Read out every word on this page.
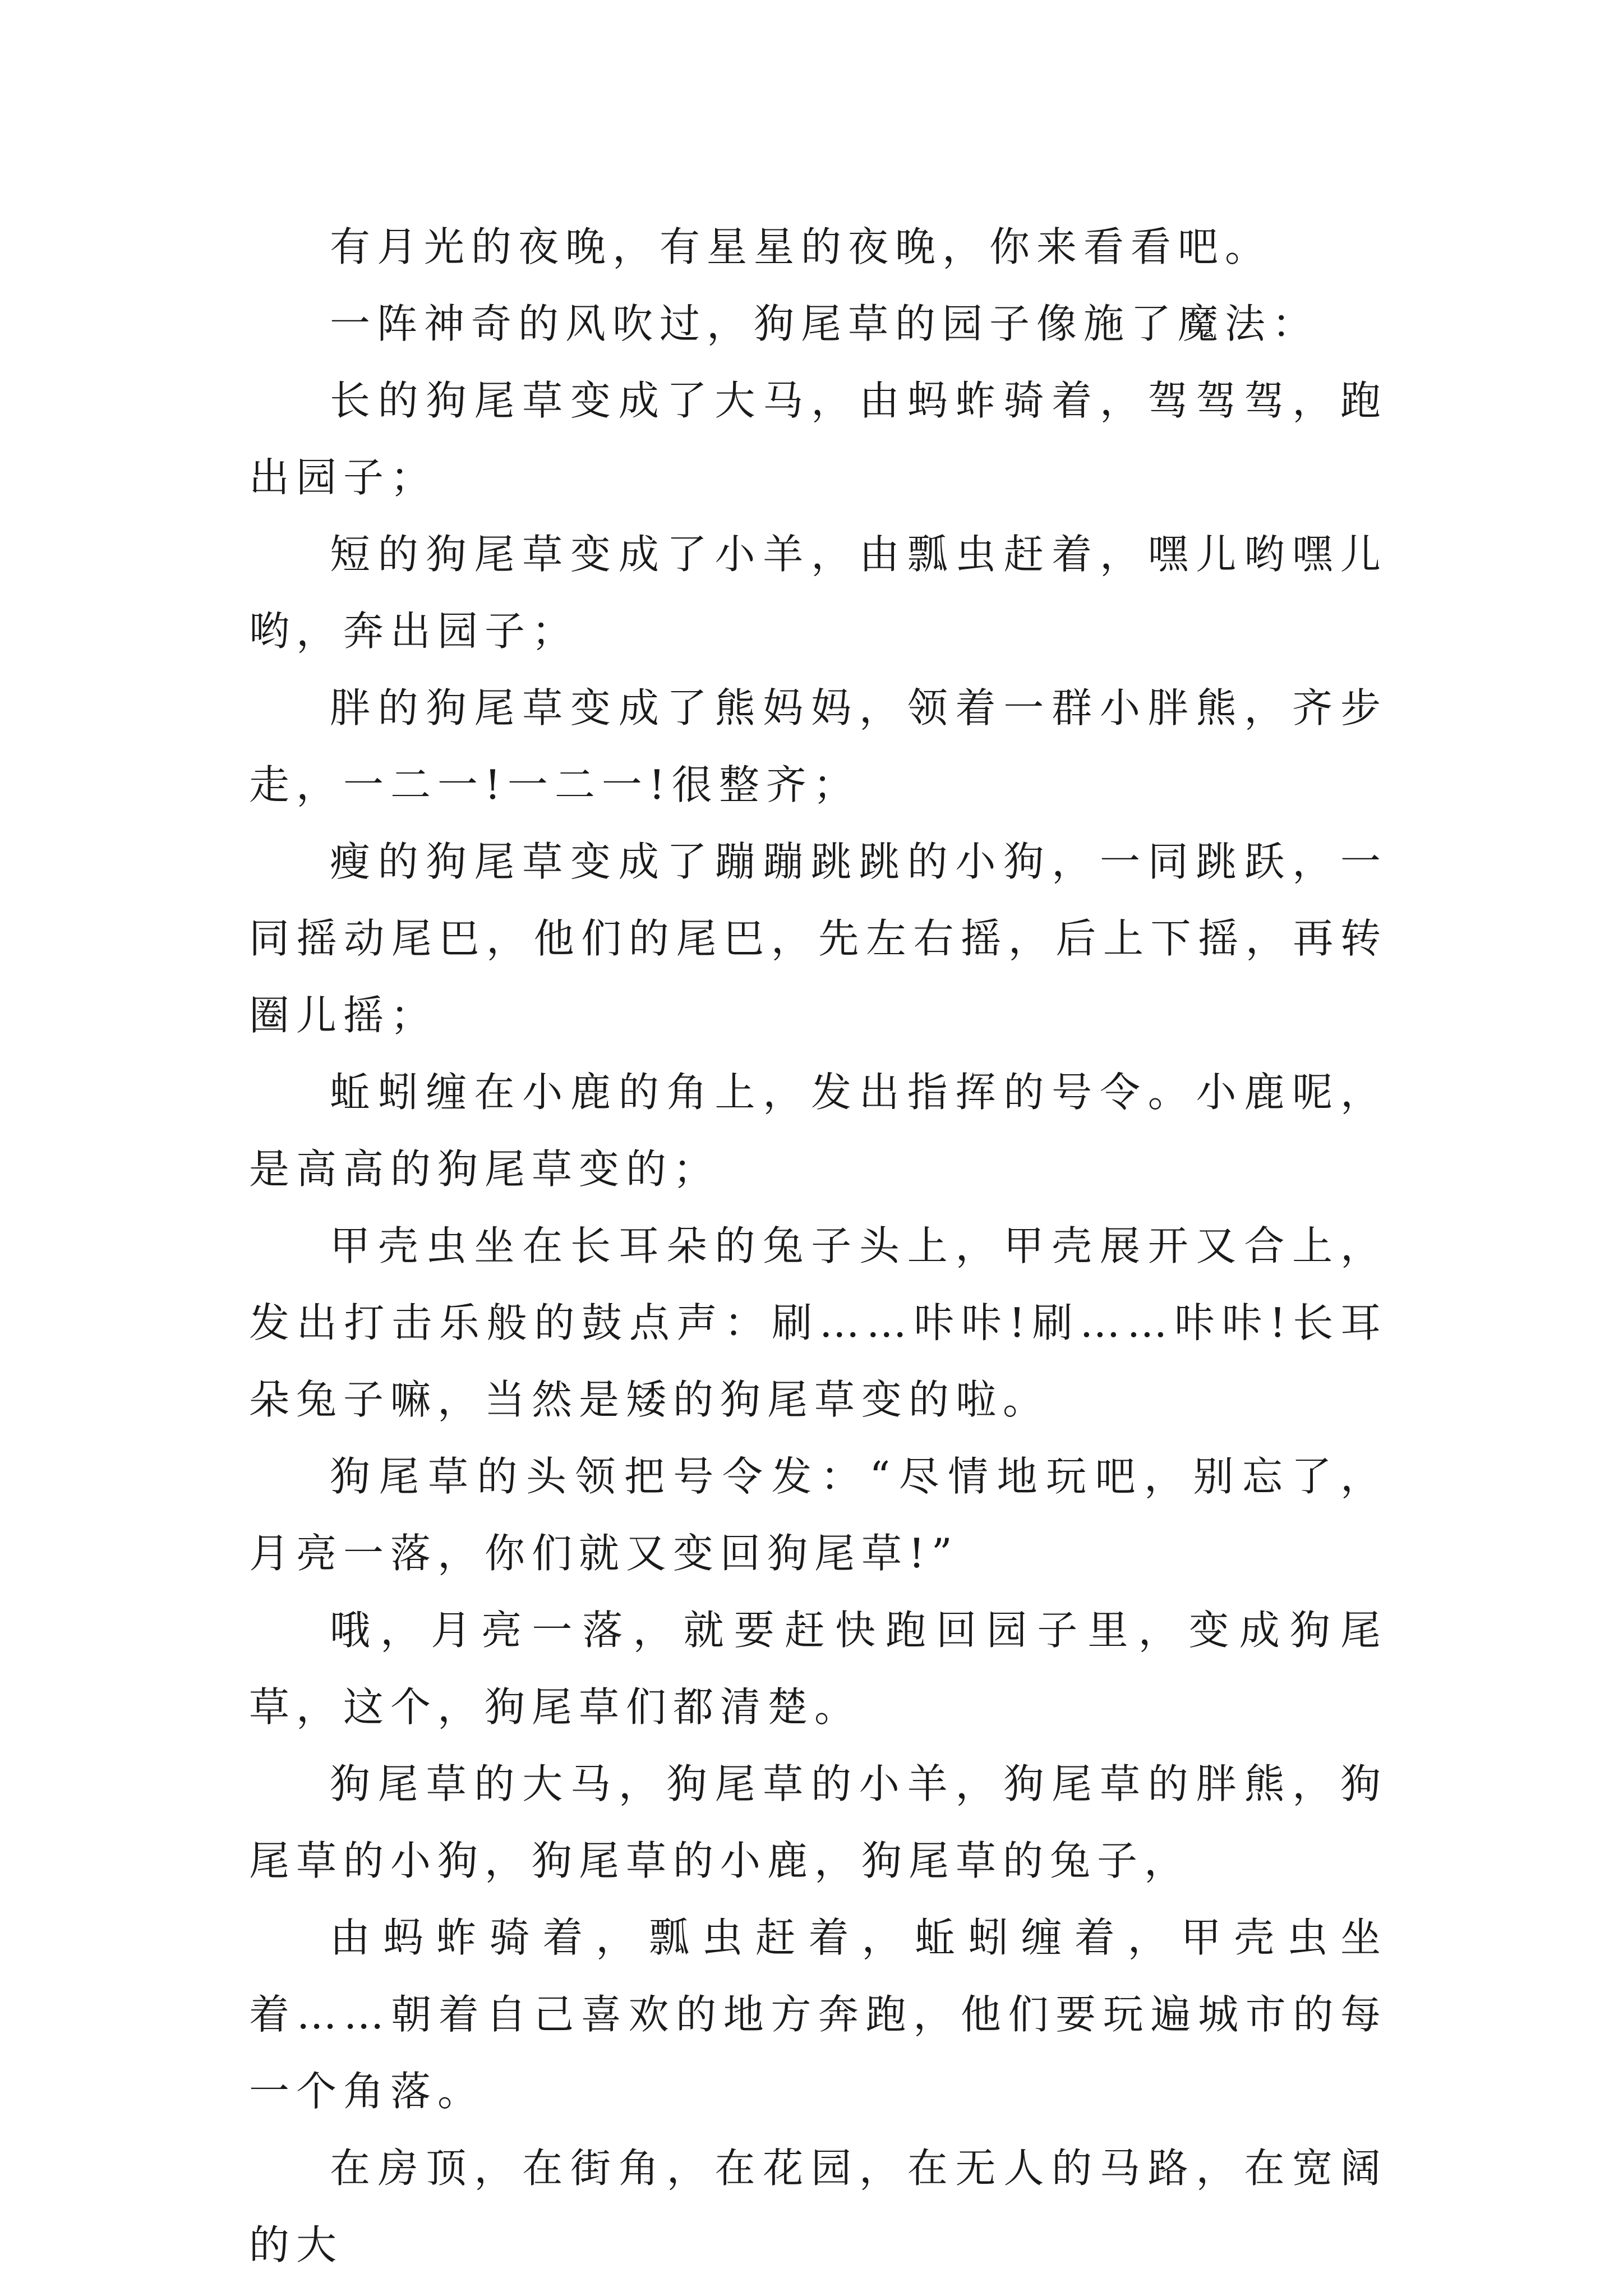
有月光的夜晚，有星星的夜晚，你来看看吧。

一阵神奇的风吹过，狗尾草的园子像施了魔法：

长的狗尾草变成了大马，由蚂蚱骑着，驾驾驾，跑出园子；

短的狗尾草变成了小羊，由瓢虫赶着，嘿儿哟嘿儿哟，奔出园子；

胖的狗尾草变成了熊妈妈，领着一群小胖熊，齐步走，一二一!一二一!很整齐；

瘦的狗尾草变成了蹦蹦跳跳的小狗，一同跳跃，一同摇动尾巴，他们的尾巴，先左右摇，后上下摇，再转圈儿摇；

蚯蚓缠在小鹿的角上，发出指挥的号令。小鹿呢，是高高的狗尾草变的；

甲壳虫坐在长耳朵的兔子头上，甲壳展开又合上，发出打击乐般的鼓点声：刷……咔咔!刷……咔咔!长耳朵兔子嘛，当然是矮的狗尾草变的啦。

狗尾草的头领把号令发：“尽情地玩吧，别忘了，月亮一落，你们就又变回狗尾草!”

哦，月亮一落，就要赶快跑回园子里，变成狗尾草，这个，狗尾草们都清楚。

狗尾草的大马，狗尾草的小羊，狗尾草的胖熊，狗尾草的小狗，狗尾草的小鹿，狗尾草的兔子，

由蚂蚱骑着，瓢虫赶着，蚯蚓缠着，甲壳虫坐着……朝着自己喜欢的地方奔跑，他们要玩遍城市的每一个角落。

在房顶，在街角，在花园，在无人的马路，在宽阔的大
